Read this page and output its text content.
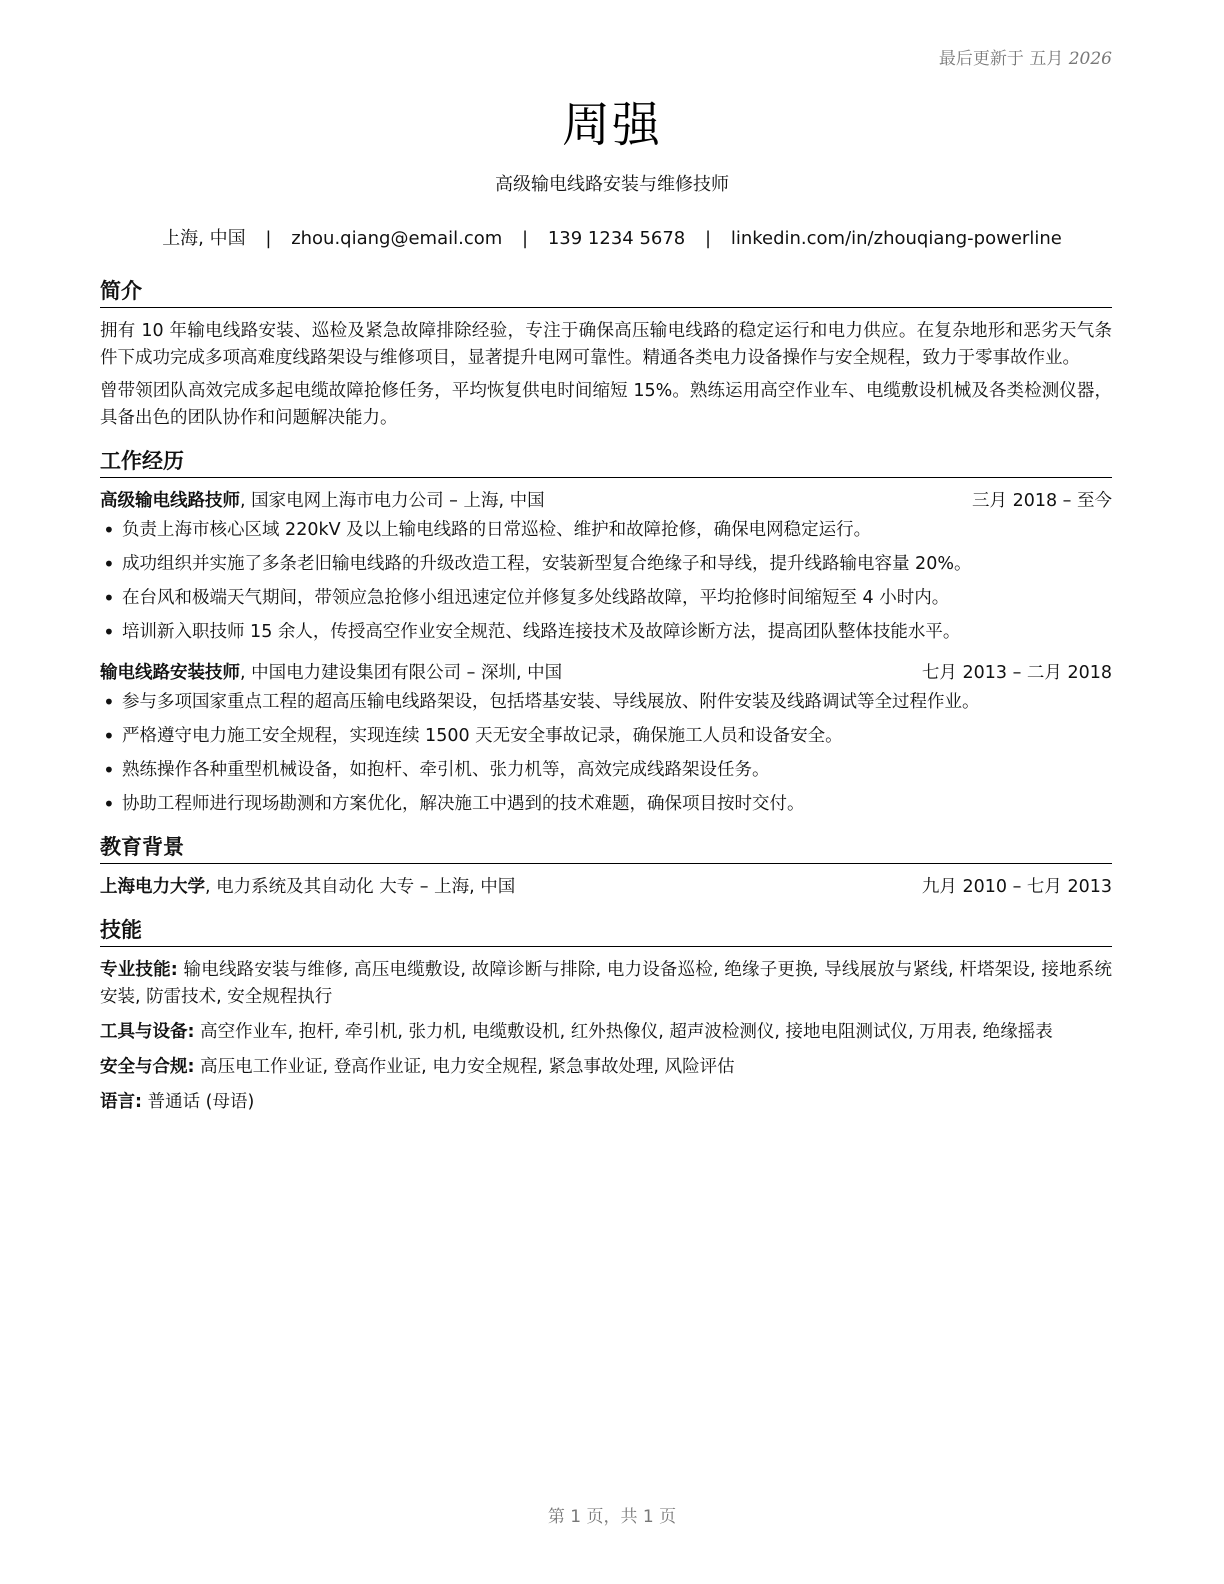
最后更新于 五月 2026
周强
高级输电线路安装与维修技师
上海, 中国 | zhou.qiang@email.com | 139 1234 5678 | linkedin.com/in/zhouqiang-powerline
简介

拥有 10 年输电线路安装、巡检及紧急故障排除经验，专注于确保高压输电线路的稳定运行和电力供应。在复杂地形和恶劣天气条件下成功完成多项高难度线路架设与维修项目，显著提升电网可靠性。精通各类电力设备操作与安全规程，致力于零事故作业。

曾带领团队高效完成多起电缆故障抢修任务，平均恢复供电时间缩短 15%。熟练运用高空作业车、电缆敷设机械及各类检测仪器，具备出色的团队协作和问题解决能力。

工作经历
高级输电线路技师, 国家电网上海市电力公司 – 上海, 中国	三月 2018 – 至今
• 负责上海市核心区域 220kV 及以上输电线路的日常巡检、维护和故障抢修，确保电网稳定运行。
• 成功组织并实施了多条老旧输电线路的升级改造工程，安装新型复合绝缘子和导线，提升线路输电容量 20%。
• 在台风和极端天气期间，带领应急抢修小组迅速定位并修复多处线路故障，平均抢修时间缩短至 4 小时内。
• 培训新入职技师 15 余人，传授高空作业安全规范、线路连接技术及故障诊断方法，提高团队整体技能水平。
输电线路安装技师, 中国电力建设集团有限公司 – 深圳, 中国	七月 2013 – 二月 2018
• 参与多项国家重点工程的超高压输电线路架设，包括塔基安装、导线展放、附件安装及线路调试等全过程作业。
• 严格遵守电力施工安全规程，实现连续 1500 天无安全事故记录，确保施工人员和设备安全。
• 熟练操作各种重型机械设备，如抱杆、牵引机、张力机等，高效完成线路架设任务。
• 协助工程师进行现场勘测和方案优化，解决施工中遇到的技术难题，确保项目按时交付。
教育背景
上海电力大学, 电力系统及其自动化 大专 – 上海, 中国	九月 2010 – 七月 2013
技能
专业技能: 输电线路安装与维修, 高压电缆敷设, 故障诊断与排除, 电力设备巡检, 绝缘子更换, 导线展放与紧线, 杆塔架设, 接地系统安装, 防雷技术, 安全规程执行
工具与设备: 高空作业车, 抱杆, 牵引机, 张力机, 电缆敷设机, 红外热像仪, 超声波检测仪, 接地电阻测试仪, 万用表, 绝缘摇表
安全与合规: 高压电工作业证, 登高作业证, 电力安全规程, 紧急事故处理, 风险评估
语言: 普通话 (母语)
第 1 页，共 1 页
